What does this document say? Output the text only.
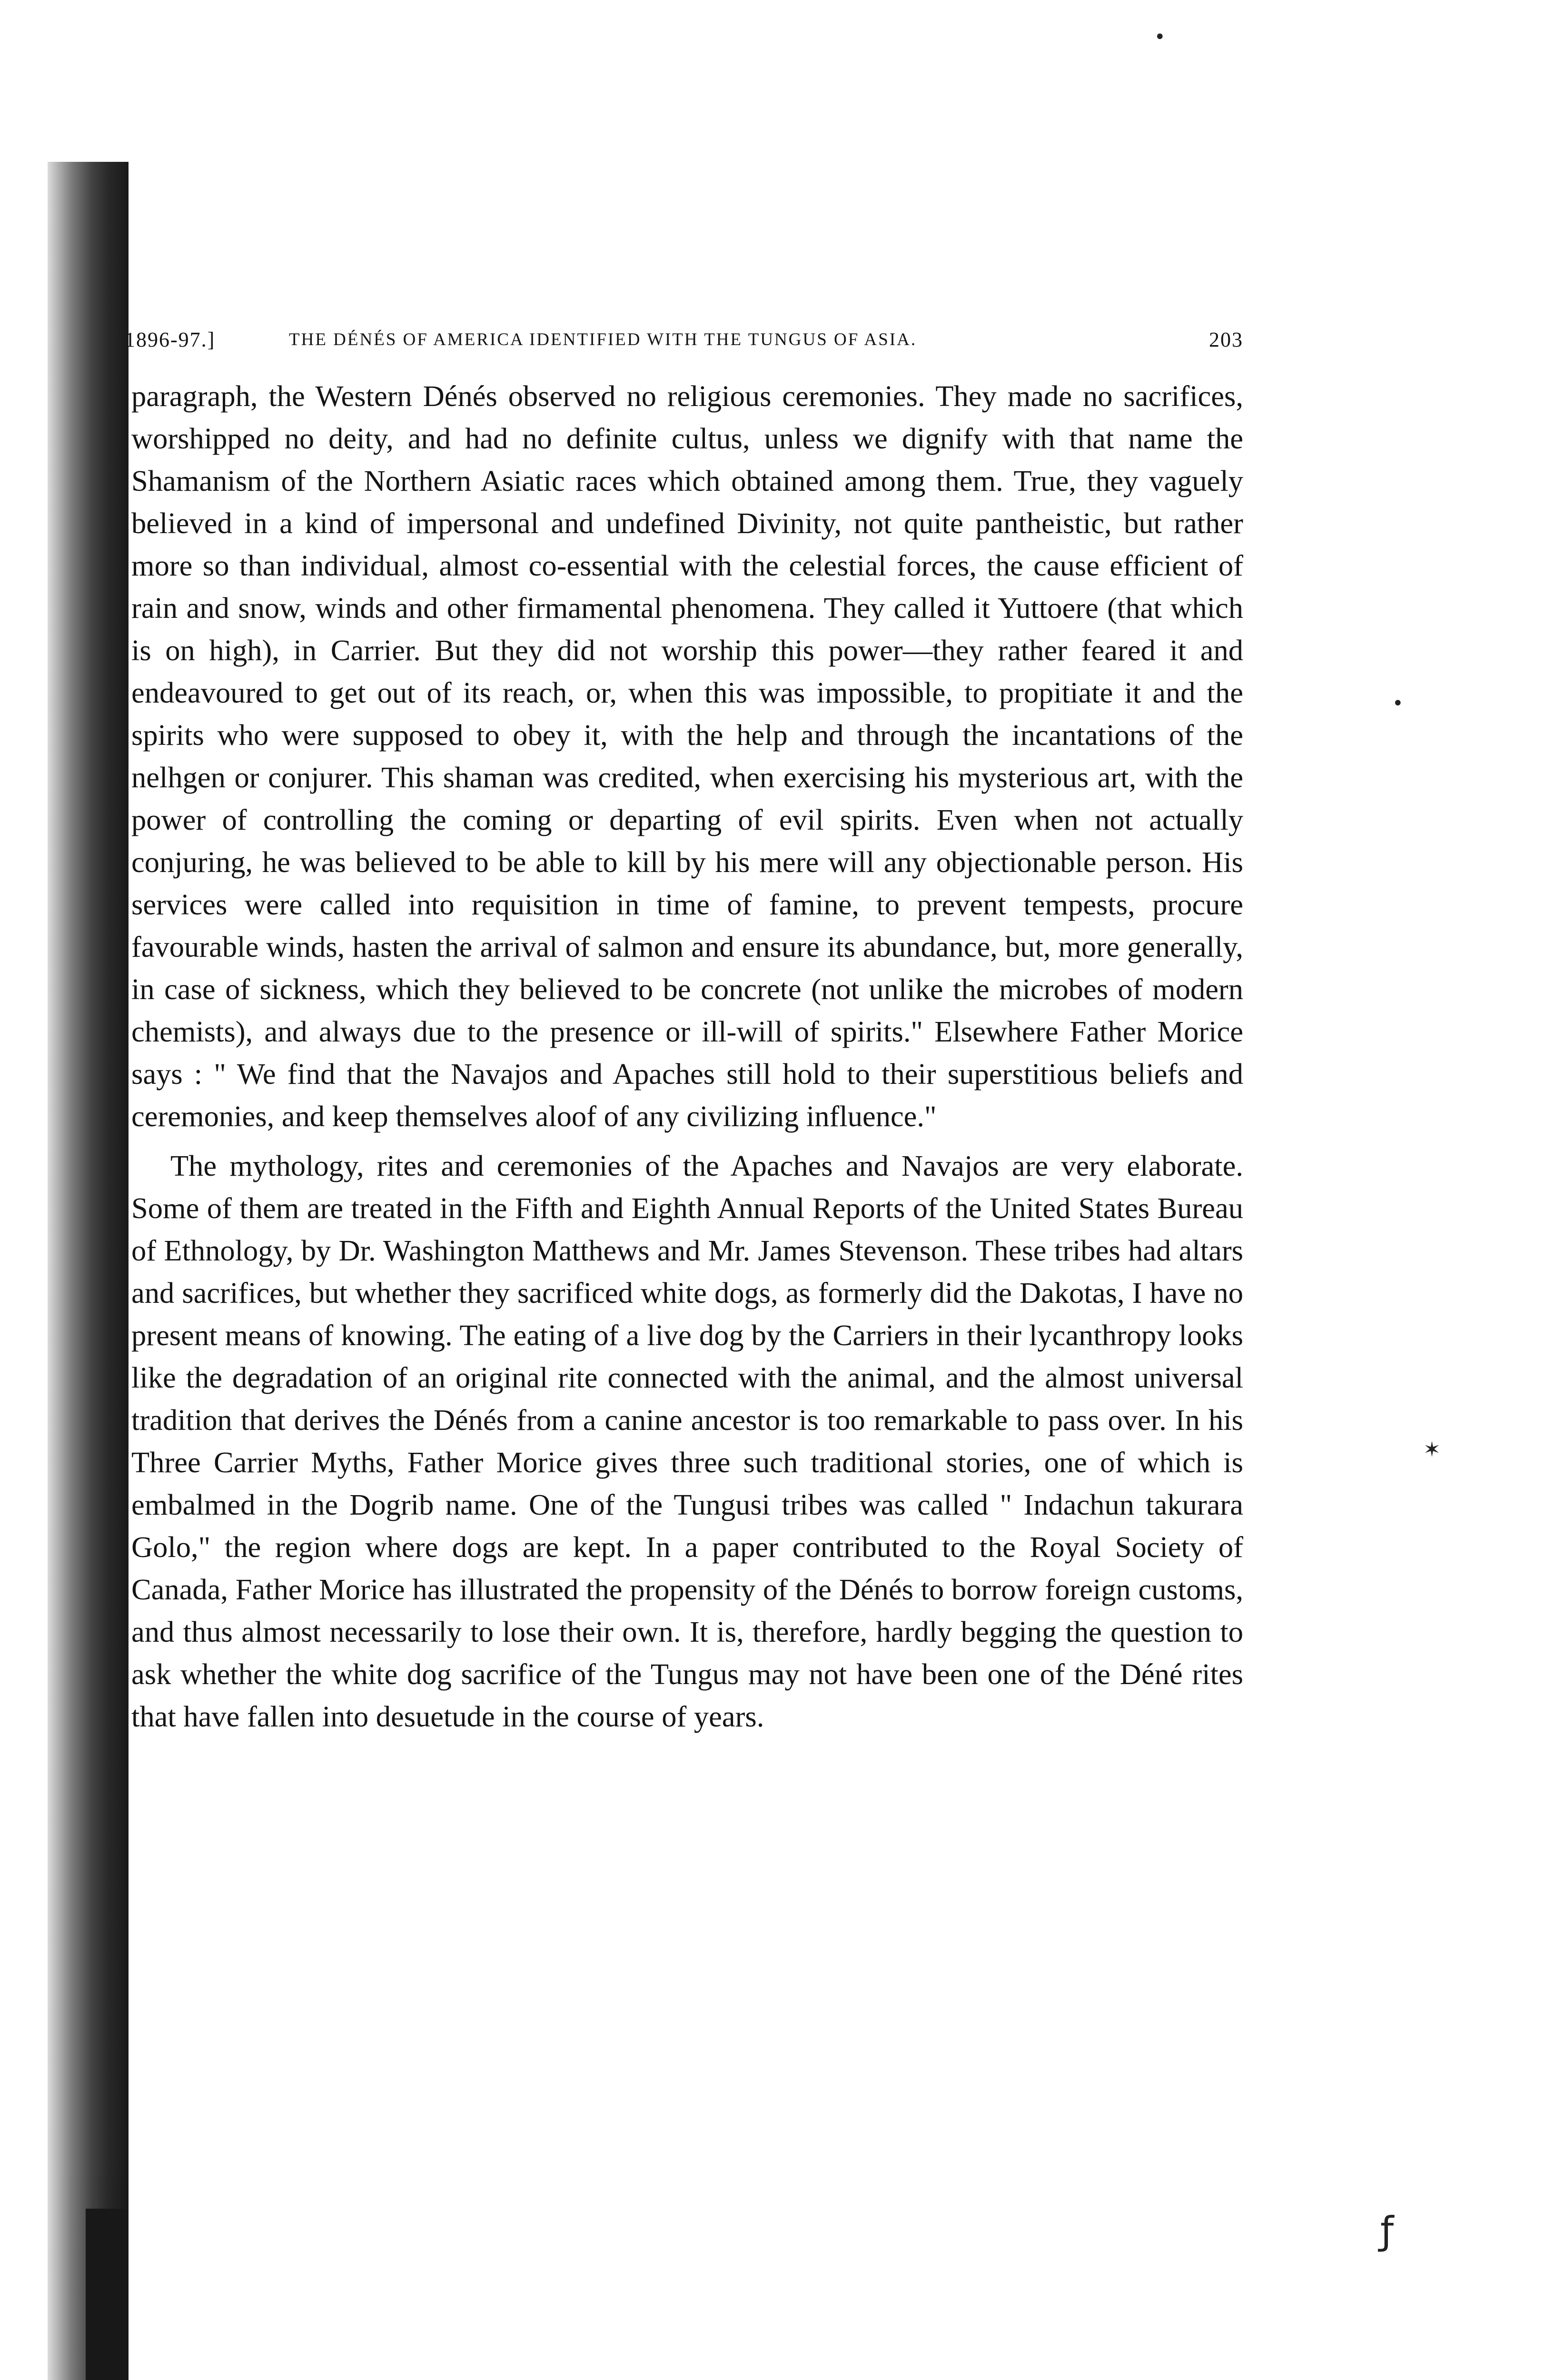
1896-97.]	THE DÉNÉS OF AMERICA IDENTIFIED WITH THE TUNGUS OF ASIA.	203

paragraph, the Western Dénés observed no religious ceremonies. They made no sacrifices, worshipped no deity, and had no definite cultus, unless we dignify with that name the Shamanism of the Northern Asiatic races which obtained among them. True, they vaguely believed in a kind of impersonal and undefined Divinity, not quite pantheistic, but rather more so than individual, almost co-essential with the celestial forces, the cause efficient of rain and snow, winds and other firmamental phenomena. They called it Yuttoere (that which is on high), in Carrier. But they did not worship this power—they rather feared it and endeavoured to get out of its reach, or, when this was impossible, to propitiate it and the spirits who were supposed to obey it, with the help and through the incantations of the nelhgen or conjurer. This shaman was credited, when exercising his mysterious art, with the power of controlling the coming or departing of evil spirits. Even when not actually conjuring, he was believed to be able to kill by his mere will any objectionable person. His services were called into requisition in time of famine, to prevent tempests, procure favourable winds, hasten the arrival of salmon and ensure its abundance, but, more generally, in case of sickness, which they believed to be concrete (not unlike the microbes of modern chemists), and always due to the presence or ill-will of spirits." Elsewhere Father Morice says : " We find that the Navajos and Apaches still hold to their superstitious beliefs and ceremonies, and keep themselves aloof of any civilizing influence."

The mythology, rites and ceremonies of the Apaches and Navajos are very elaborate. Some of them are treated in the Fifth and Eighth Annual Reports of the United States Bureau of Ethnology, by Dr. Washington Matthews and Mr. James Stevenson. These tribes had altars and sacrifices, but whether they sacrificed white dogs, as formerly did the Dakotas, I have no present means of knowing. The eating of a live dog by the Carriers in their lycanthropy looks like the degradation of an original rite connected with the animal, and the almost universal tradition that derives the Dénés from a canine ancestor is too remarkable to pass over. In his Three Carrier Myths, Father Morice gives three such traditional stories, one of which is embalmed in the Dogrib name. One of the Tungusi tribes was called " Indachun takurara Golo," the region where dogs are kept. In a paper contributed to the Royal Society of Canada, Father Morice has illustrated the propensity of the Dénés to borrow foreign customs, and thus almost necessarily to lose their own. It is, therefore, hardly begging the question to ask whether the white dog sacrifice of the Tungus may not have been one of the Déné rites that have fallen into desuetude in the course of years.

•
•
✶
ƒ
